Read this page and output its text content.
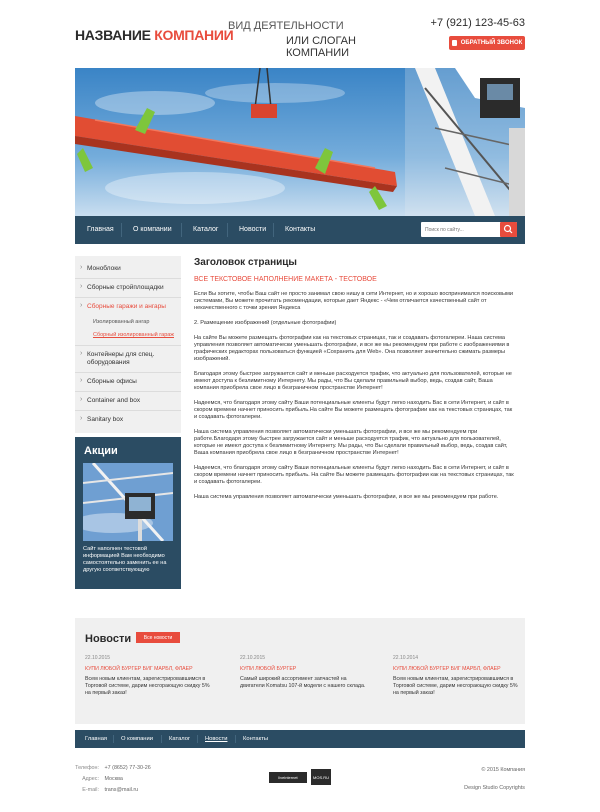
НАЗВАНИЕ КОМПАНИИ
ВИД ДЕЯТЕЛЬНОСТИ
ИЛИ СЛОГАН КОМПАНИИ
+7 (921) 123-45-63
ОБРАТНЫЙ ЗВОНОК
Главная	О компании	Каталог	Новости	Контакты
Поиск по сайту...
› Моноблоки
› Сборные стройплощадки
› Сборные гаражи и ангары
Изолированный ангар
Сборный изолированный гараж
› Контейнеры для спец. оборудования
› Сборные офисы
› Container and box
› Sanitary box
Акции
Сайт наполнен тестовой информацией Вам необходимо самостоятельно заменить ее на другую соответствующую
Заголовок страницы
ВСЕ ТЕКСТОВОЕ НАПОЛНЕНИЕ МАКЕТА - ТЕСТОВОЕ
Если Вы хотите, чтобы Ваш сайт не просто занимал свою нишу в сети Интернет, но и хорошо воспринимался поисковыми системами, Вы можете прочитать рекомендации, которые дает Яндекс - «Чем отличается качественный сайт от некачественного с точки зрения Яндекса
2. Размещение изображений (отдельные фотографии)
На сайте Вы можете размещать фотографии как на текстовых страницах, так и создавать фотогалереи. Наша система управления позволяет автоматически уменьшать фотографии, и все же мы рекомендуем при работе с изображениями в графических редакторах пользоваться функцией «Сохранить для Web». Она позволяет значительно сжимать размеры изображений.
Благодаря этому быстрее загружается сайт и меньше расходуется трафик, что актуально для пользователей, которые не имеют доступа к безлимитному Интернету. Мы рады, что Вы сделали правильный выбор, ведь, создав сайт, Ваша компания приобрела свое лицо в безграничном пространстве Интернет!
Надеемся, что благодаря этому сайту Ваши потенциальные клиенты будут легко находить Вас в сети Интернет, и сайт в скором времени начнет приносить прибыль.На сайте Вы можете размещать фотографии как на текстовых страницах, так и создавать фотогалереи.
Наша система управления позволяет автоматически уменьшать фотографии, и все же мы рекомендуем при работе.Благодаря этому быстрее загружается сайт и меньше расходуется трафик, что актуально для пользователей, которые не имеют доступа к безлимитному Интернету. Мы рады, что Вы сделали правильный выбор, ведь, создав сайт, Ваша компания приобрела свое лицо в безграничном пространстве Интернет!
Надеемся, что благодаря этому сайту Ваши потенциальные клиенты будут легко находить Вас в сети Интернет, и сайт в скором времени начнет приносить прибыль. На сайте Вы можете размещать фотографии как на текстовых страницах, так и создавать фотогалереи.
Наша система управления позволяет автоматически уменьшать фотографии, и все же мы рекомендуем при работе.
Новости	Все новости
22.10.2015
КУПИ ЛЮБОЙ БУРГЕР БИГ МАРБЛ, ФЛАЕР
Всем новым клиентам, зарегистрировавшимся в Торговой системе, дарим несгорающую скидку 5% на первый заказ!
22.10.2015
КУПИ ЛЮБОЙ БУРГЕР
Самый широкий ассортимент запчастей на двигатели Komatsu 107-й модели с нашего склада.
22.10.2014
КУПИ ЛЮБОЙ БУРГЕР БИГ МАРБЛ, ФЛАЕР
Всем новым клиентам, зарегистрировавшимся в Торговой системе, дарим несгорающую скидку 5% на первый заказ!
Главная О компании	Каталог	Новости	Контакты
Телефон: +7 (8652) 77-30-26
Адрес: Москва
E-mail: trans@mail.ru
liveinternet	MOS.RU
© 2015 Компания
Design Studio Copyrights
